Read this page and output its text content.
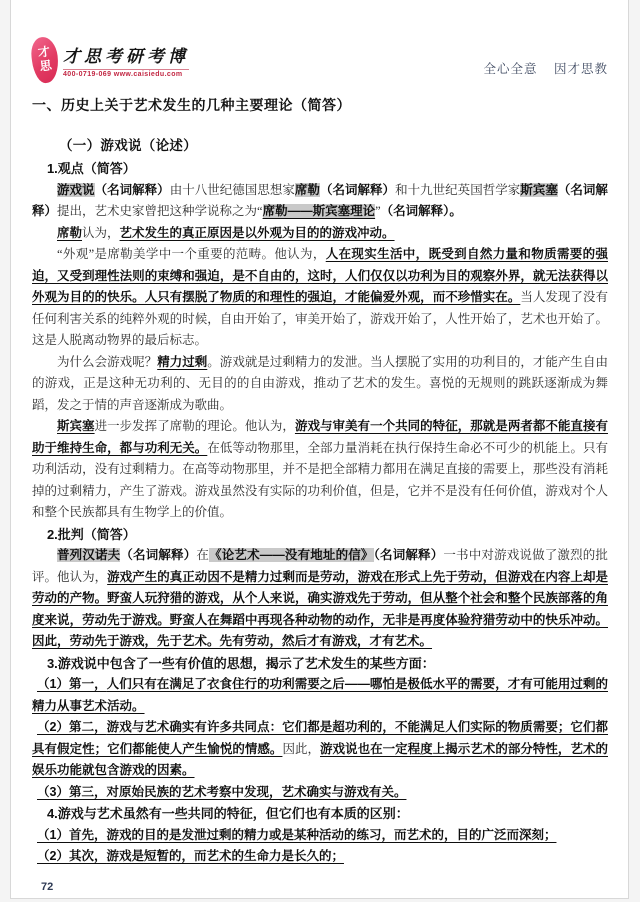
才
思 才思考研考博
400-0719-069 www.caisiedu.com	全心全意    因才思教
一、历史上关于艺术发生的几种主要理论（简答）
（一）游戏说（论述）
1.观点（简答）

游戏说（名词解释）由十八世纪德国思想家席勒（名词解释）和十九世纪英国哲学家斯宾塞（名词解释）提出，艺术史家曾把这种学说称之为“席勒——斯宾塞理论”（名词解释）。

席勒认为，艺术发生的真正原因是以外观为目的的游戏冲动。

“外观”是席勒美学中一个重要的范畴。他认为，人在现实生活中，既受到自然力量和物质需要的强迫，又受到理性法则的束缚和强迫，是不自由的，这时，人们仅仅以功利为目的观察外界，就无法获得以外观为目的的快乐。人只有摆脱了物质的和理性的强迫，才能偏爱外观，而不珍惜实在。当人发现了没有任何利害关系的纯粹外观的时候，自由开始了，审美开始了，游戏开始了，人性开始了，艺术也开始了。这是人脱离动物界的最后标志。

为什么会游戏呢？精力过剩。游戏就是过剩精力的发泄。当人摆脱了实用的功利目的，才能产生自由的游戏，正是这种无功利的、无目的的自由游戏，推动了艺术的发生。喜悦的无规则的跳跃逐渐成为舞蹈，发之于情的声音逐渐成为歌曲。

斯宾塞进一步发挥了席勒的理论。他认为，游戏与审美有一个共同的特征，那就是两者都不能直接有助于维持生命，都与功利无关。在低等动物那里，全部力量消耗在执行保持生命必不可少的机能上。只有功利活动，没有过剩精力。在高等动物那里，并不是把全部精力都用在满足直接的需要上，那些没有消耗掉的过剩精力，产生了游戏。游戏虽然没有实际的功利价值，但是，它并不是没有任何价值，游戏对个人和整个民族都具有生物学上的价值。

2.批判（简答）

普列汉诺夫（名词解释）在《论艺术——没有地址的信》（名词解释）一书中对游戏说做了激烈的批评。他认为，游戏产生的真正动因不是精力过剩而是劳动，游戏在形式上先于劳动，但游戏在内容上却是劳动的产物。野蛮人玩狩猎的游戏，从个人来说，确实游戏先于劳动，但从整个社会和整个民族部落的角度来说，劳动先于游戏。野蛮人在舞蹈中再现各种动物的动作，无非是再度体验狩猎劳动中的快乐冲动。因此，劳动先于游戏，先于艺术。先有劳动，然后才有游戏，才有艺术。

3.游戏说中包含了一些有价值的思想，揭示了艺术发生的某些方面：

（1）第一，人们只有在满足了衣食住行的功利需要之后——哪怕是极低水平的需要，才有可能用过剩的精力从事艺术活动。

（2）第二，游戏与艺术确实有许多共同点：它们都是超功利的，不能满足人们实际的物质需要；它们都具有假定性；它们都能使人产生愉悦的情感。因此，游戏说也在一定程度上揭示艺术的部分特性，艺术的娱乐功能就包含游戏的因素。

（3）第三，对原始民族的艺术考察中发现，艺术确实与游戏有关。

4.游戏与艺术虽然有一些共同的特征，但它们也有本质的区别：

（1）首先，游戏的目的是发泄过剩的精力或是某种活动的练习，而艺术的，目的广泛而深刻；

（2）其次，游戏是短暂的，而艺术的生命力是长久的；

72
